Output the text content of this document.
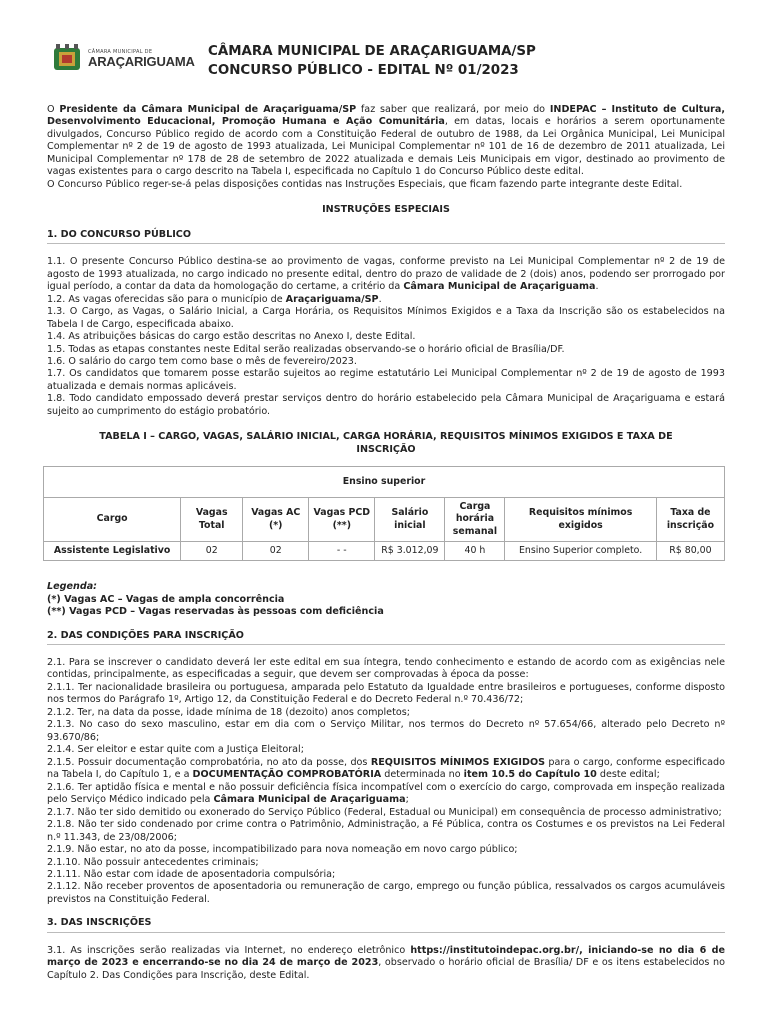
CÂMARA MUNICIPAL DE
ARAÇARIGUAMA
CÂMARA MUNICIPAL DE ARAÇARIGUAMA/SP
CONCURSO PÚBLICO - EDITAL Nº 01/2023

O Presidente da Câmara Municipal de Araçariguama/SP faz saber que realizará, por meio do INDEPAC – Instituto de Cultura, Desenvolvimento Educacional, Promoção Humana e Ação Comunitária, em datas, locais e horários a serem oportunamente divulgados, Concurso Público regido de acordo com a Constituição Federal de outubro de 1988, da Lei Orgânica Municipal, Lei Municipal Complementar nº 2 de 19 de agosto de 1993 atualizada, Lei Municipal Complementar nº 101 de 16 de dezembro de 2011 atualizada, Lei Municipal Complementar nº 178 de 28 de setembro de 2022 atualizada e demais Leis Municipais em vigor, destinado ao provimento de vagas existentes para o cargo descrito na Tabela I, especificada no Capítulo 1 do Concurso Público deste edital.

O Concurso Público reger-se-á pelas disposições contidas nas Instruções Especiais, que ficam fazendo parte integrante deste Edital.

INSTRUÇÕES ESPECIAIS
1. DO CONCURSO PÚBLICO

1.1. O presente Concurso Público destina-se ao provimento de vagas, conforme previsto na Lei Municipal Complementar nº 2 de 19 de agosto de 1993 atualizada, no cargo indicado no presente edital, dentro do prazo de validade de 2 (dois) anos, podendo ser prorrogado por igual período, a contar da data da homologação do certame, a critério da Câmara Municipal de Araçariguama.

1.2. As vagas oferecidas são para o município de Araçariguama/SP.

1.3. O Cargo, as Vagas, o Salário Inicial, a Carga Horária, os Requisitos Mínimos Exigidos e a Taxa da Inscrição são os estabelecidos na Tabela I de Cargo, especificada abaixo.

1.4. As atribuições básicas do cargo estão descritas no Anexo I, deste Edital.

1.5. Todas as etapas constantes neste Edital serão realizadas observando-se o horário oficial de Brasília/DF.

1.6. O salário do cargo tem como base o mês de fevereiro/2023.

1.7. Os candidatos que tomarem posse estarão sujeitos ao regime estatutário Lei Municipal Complementar nº 2 de 19 de agosto de 1993 atualizada e demais normas aplicáveis.

1.8. Todo candidato empossado deverá prestar serviços dentro do horário estabelecido pela Câmara Municipal de Araçariguama e estará sujeito ao cumprimento do estágio probatório.

TABELA I – CARGO, VAGAS, SALÁRIO INICIAL, CARGA HORÁRIA, REQUISITOS MÍNIMOS EXIGIDOS E TAXA DE INSCRIÇÃO
Ensino superior							
Cargo	Vagas Total	Vagas AC (*)	Vagas PCD (**)	Salário inicial	Carga horária semanal	Requisitos mínimos exigidos	Taxa de inscrição
Assistente Legislativo	02	02	- -	R$ 3.012,09	40 h	Ensino Superior completo.	R$ 80,00
Legenda:
(*) Vagas AC – Vagas de ampla concorrência
(**) Vagas PCD – Vagas reservadas às pessoas com deficiência
2. DAS CONDIÇÕES PARA INSCRIÇÃO

2.1. Para se inscrever o candidato deverá ler este edital em sua íntegra, tendo conhecimento e estando de acordo com as exigências nele contidas, principalmente, as especificadas a seguir, que devem ser comprovadas à época da posse:

2.1.1. Ter nacionalidade brasileira ou portuguesa, amparada pelo Estatuto da Igualdade entre brasileiros e portugueses, conforme disposto nos termos do Parágrafo 1º, Artigo 12, da Constituição Federal e do Decreto Federal n.º 70.436/72;

2.1.2. Ter, na data da posse, idade mínima de 18 (dezoito) anos completos;

2.1.3. No caso do sexo masculino, estar em dia com o Serviço Militar, nos termos do Decreto nº 57.654/66, alterado pelo Decreto nº 93.670/86;

2.1.4. Ser eleitor e estar quite com a Justiça Eleitoral;

2.1.5. Possuir documentação comprobatória, no ato da posse, dos REQUISITOS MÍNIMOS EXIGIDOS para o cargo, conforme especificado na Tabela I, do Capítulo 1, e a DOCUMENTAÇÃO COMPROBATÓRIA determinada no item 10.5 do Capítulo 10 deste edital;

2.1.6. Ter aptidão física e mental e não possuir deficiência física incompatível com o exercício do cargo, comprovada em inspeção realizada pelo Serviço Médico indicado pela Câmara Municipal de Araçariguama;

2.1.7. Não ter sido demitido ou exonerado do Serviço Público (Federal, Estadual ou Municipal) em consequência de processo administrativo;

2.1.8. Não ter sido condenado por crime contra o Patrimônio, Administração, a Fé Pública, contra os Costumes e os previstos na Lei Federal n.º 11.343, de 23/08/2006;

2.1.9. Não estar, no ato da posse, incompatibilizado para nova nomeação em novo cargo público;

2.1.10. Não possuir antecedentes criminais;

2.1.11. Não estar com idade de aposentadoria compulsória;

2.1.12. Não receber proventos de aposentadoria ou remuneração de cargo, emprego ou função pública, ressalvados os cargos acumuláveis previstos na Constituição Federal.

3. DAS INSCRIÇÕES

3.1. As inscrições serão realizadas via Internet, no endereço eletrônico https://institutoindepac.org.br/, iniciando-se no dia 6 de março de 2023 e encerrando-se no dia 24 de março de 2023, observado o horário oficial de Brasília/ DF e os itens estabelecidos no Capítulo 2. Das Condições para Inscrição, deste Edital.
